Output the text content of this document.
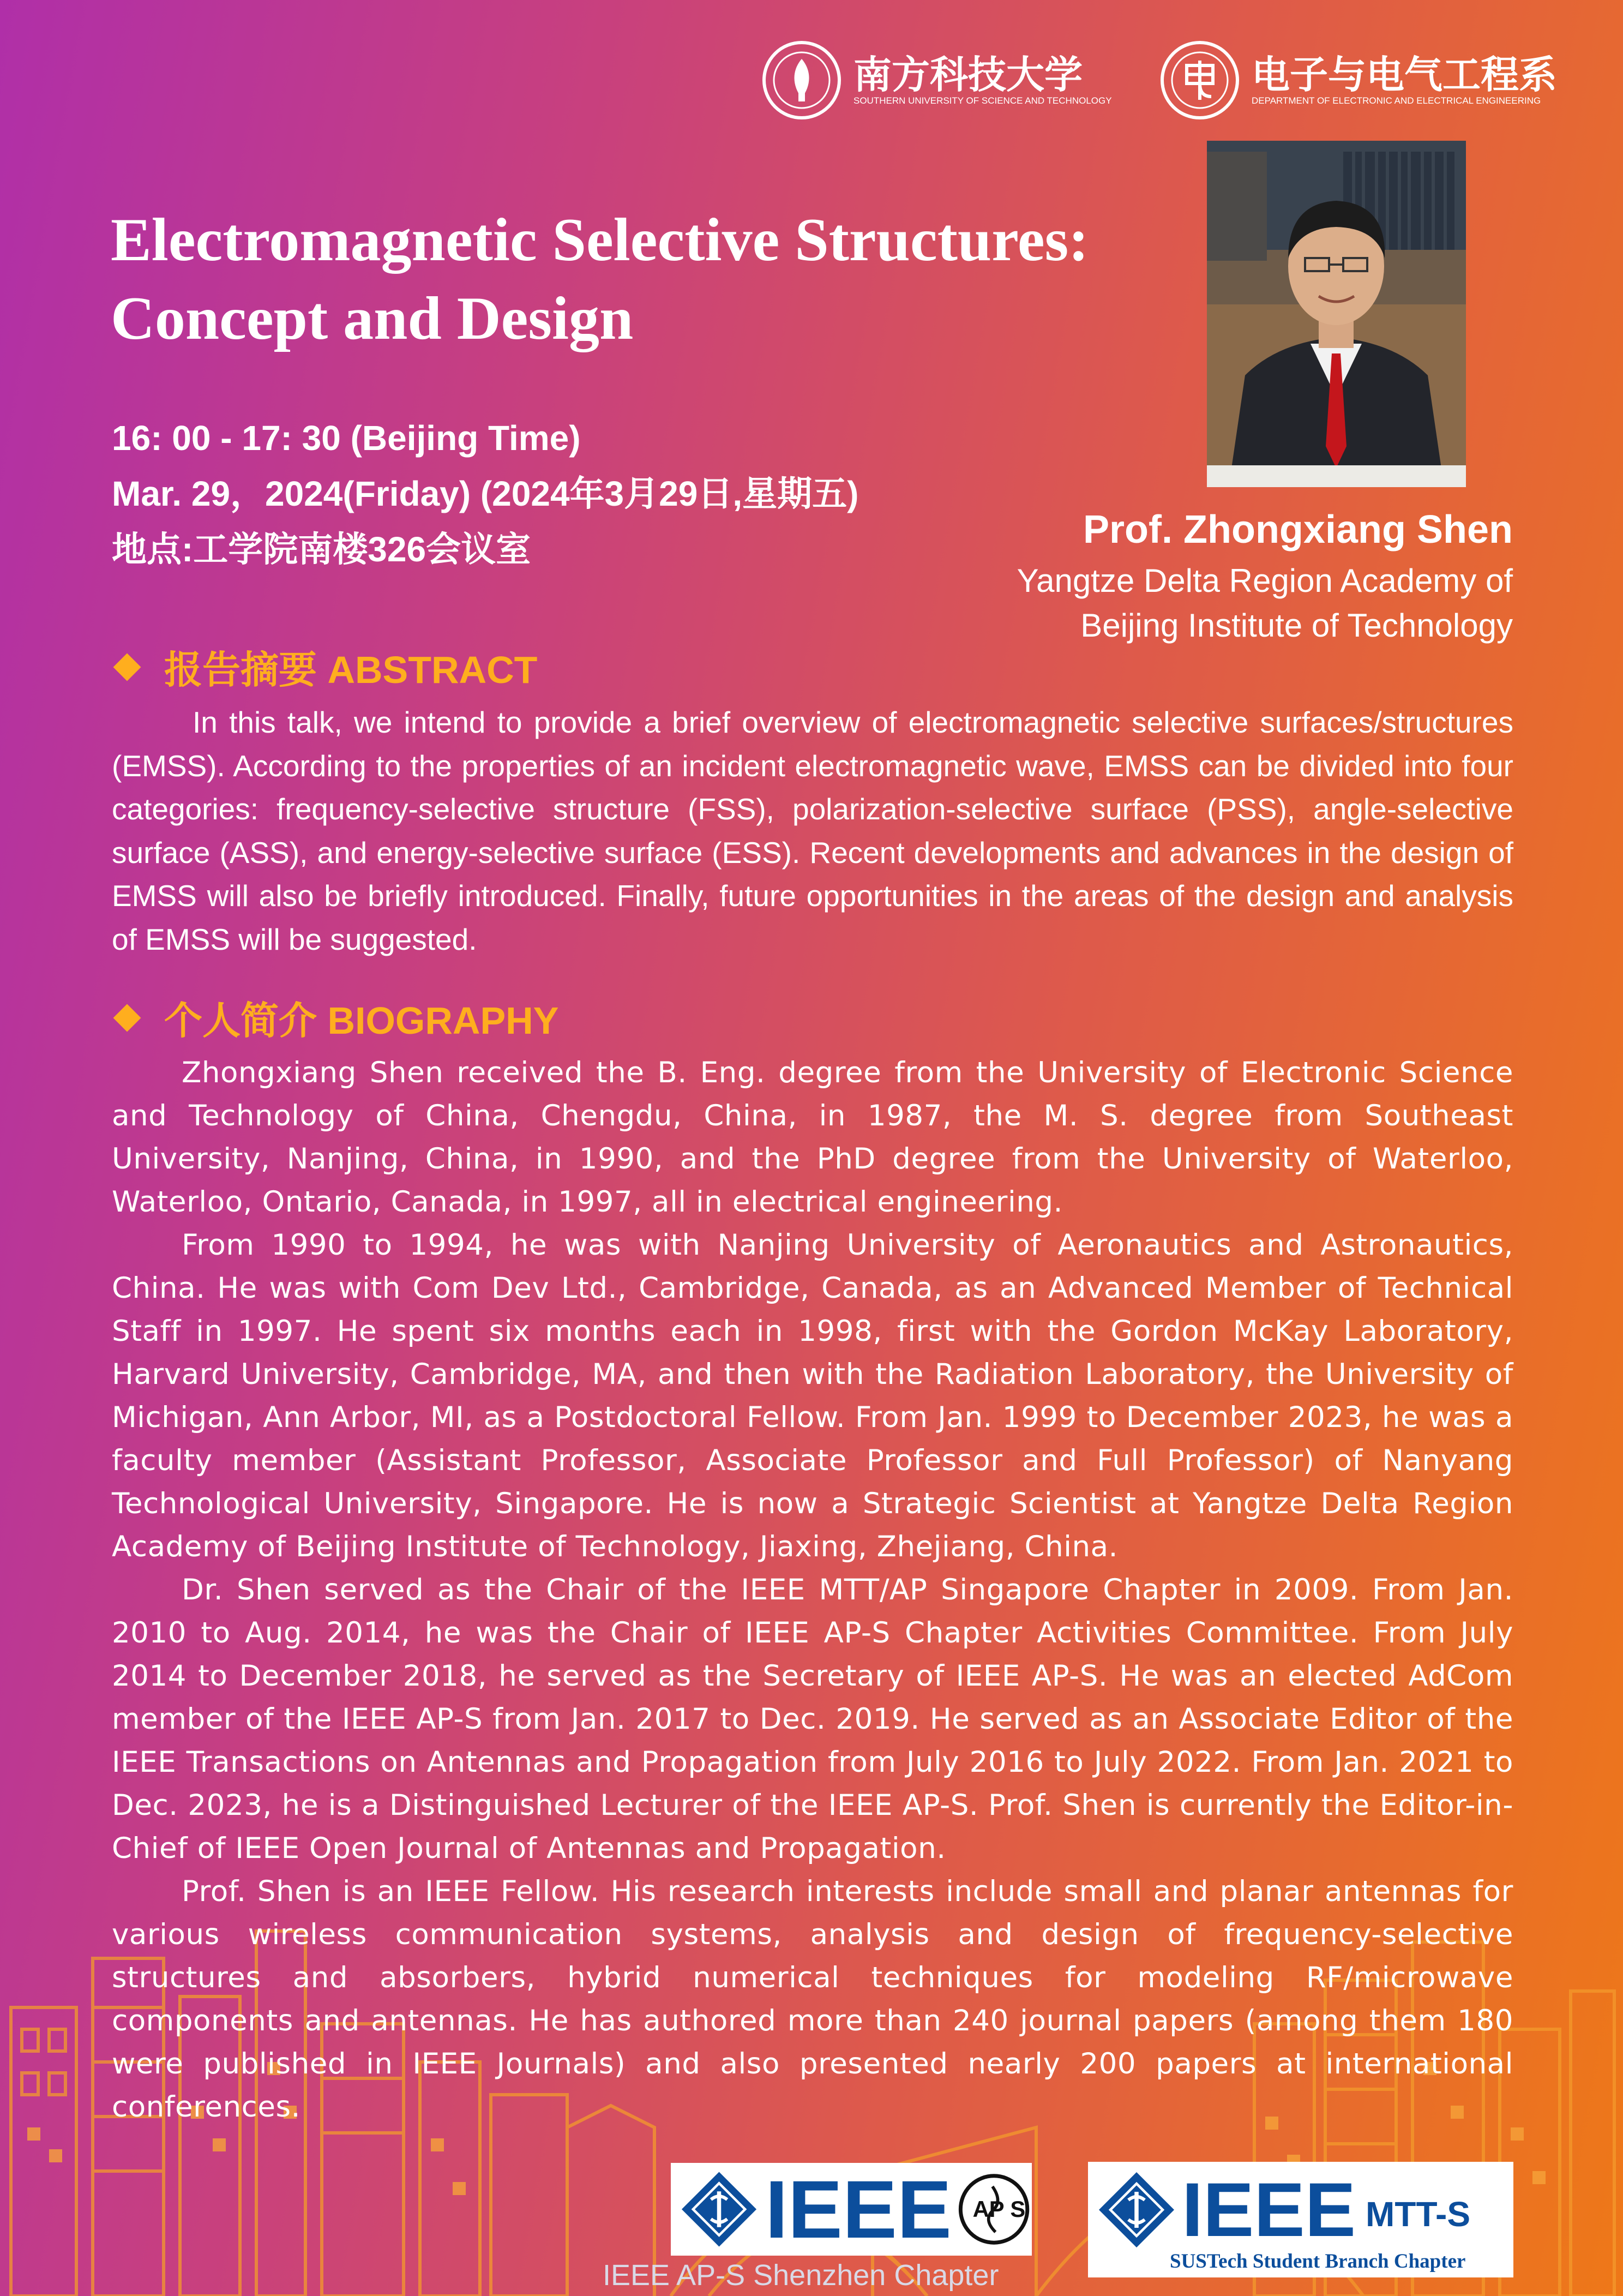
南方科技大学
SOUTHERN UNIVERSITY OF SCIENCE AND TECHNOLOGY
电子与电气工程系
DEPARTMENT OF ELECTRONIC AND ELECTRICAL ENGINEERING
Electromagnetic Selective Structures:
Concept and Design
16: 00 - 17: 30 (Beijing Time)
Mar. 29，2024(Friday) (2024年3月29日,星期五)
地点:工学院南楼326会议室	Prof. Zhongxiang Shen
Yangtze Delta Region Academy of Beijing Institute of Technology
报告摘要 ABSTRACT

In this talk, we intend to provide a brief overview of electromagnetic selective surfaces/structures (EMSS). According to the properties of an incident electromagnetic wave, EMSS can be divided into four categories: frequency-selective structure (FSS), polarization-selective surface (PSS), angle-selective surface (ASS), and energy-selective surface (ESS). Recent developments and advances in the design of EMSS will also be briefly introduced. Finally, future opportunities in the areas of the design and analysis of EMSS will be suggested.

个人简介 BIOGRAPHY

Zhongxiang Shen received the B. Eng. degree from the University of Electronic Science and Technology of China, Chengdu, China, in 1987, the M. S. degree from Southeast University, Nanjing, China, in 1990, and the PhD degree from the University of Waterloo, Waterloo, Ontario, Canada, in 1997, all in electrical engineering.

From 1990 to 1994, he was with Nanjing University of Aeronautics and Astronautics, China. He was with Com Dev Ltd., Cambridge, Canada, as an Advanced Member of Technical Staff in 1997. He spent six months each in 1998, first with the Gordon McKay Laboratory, Harvard University, Cambridge, MA, and then with the Radiation Laboratory, the University of Michigan, Ann Arbor, MI, as a Postdoctoral Fellow. From Jan. 1999 to December 2023, he was a faculty member (Assistant Professor, Associate Professor and Full Professor) of Nanyang Technological University, Singapore. He is now a Strategic Scientist at Yangtze Delta Region Academy of Beijing Institute of Technology, Jiaxing, Zhejiang, China.

Dr. Shen served as the Chair of the IEEE MTT/AP Singapore Chapter in 2009. From Jan. 2010 to Aug. 2014, he was the Chair of IEEE AP-S Chapter Activities Committee. From July 2014 to December 2018, he served as the Secretary of IEEE AP-S. He was an elected AdCom member of the IEEE AP-S from Jan. 2017 to Dec. 2019. He served as an Associate Editor of the IEEE Transactions on Antennas and Propagation from July 2016 to July 2022. From Jan. 2021 to Dec. 2023, he is a Distinguished Lecturer of the IEEE AP-S. Prof. Shen is currently the Editor-in-Chief of IEEE Open Journal of Antennas and Propagation.

Prof. Shen is an IEEE Fellow. His research interests include small and planar antennas for various wireless communication systems, analysis and design of frequency-selective structures and absorbers, hybrid numerical techniques for modeling RF/microwave components and antennas. He has authored more than 240 journal papers (among them 180 were published in IEEE Journals) and also presented nearly 200 papers at international conferences.

IEEE AP S IEEE MTT-S
SUSTech Student Branch Chapter
IEEE AP-S Shenzhen Chapter
